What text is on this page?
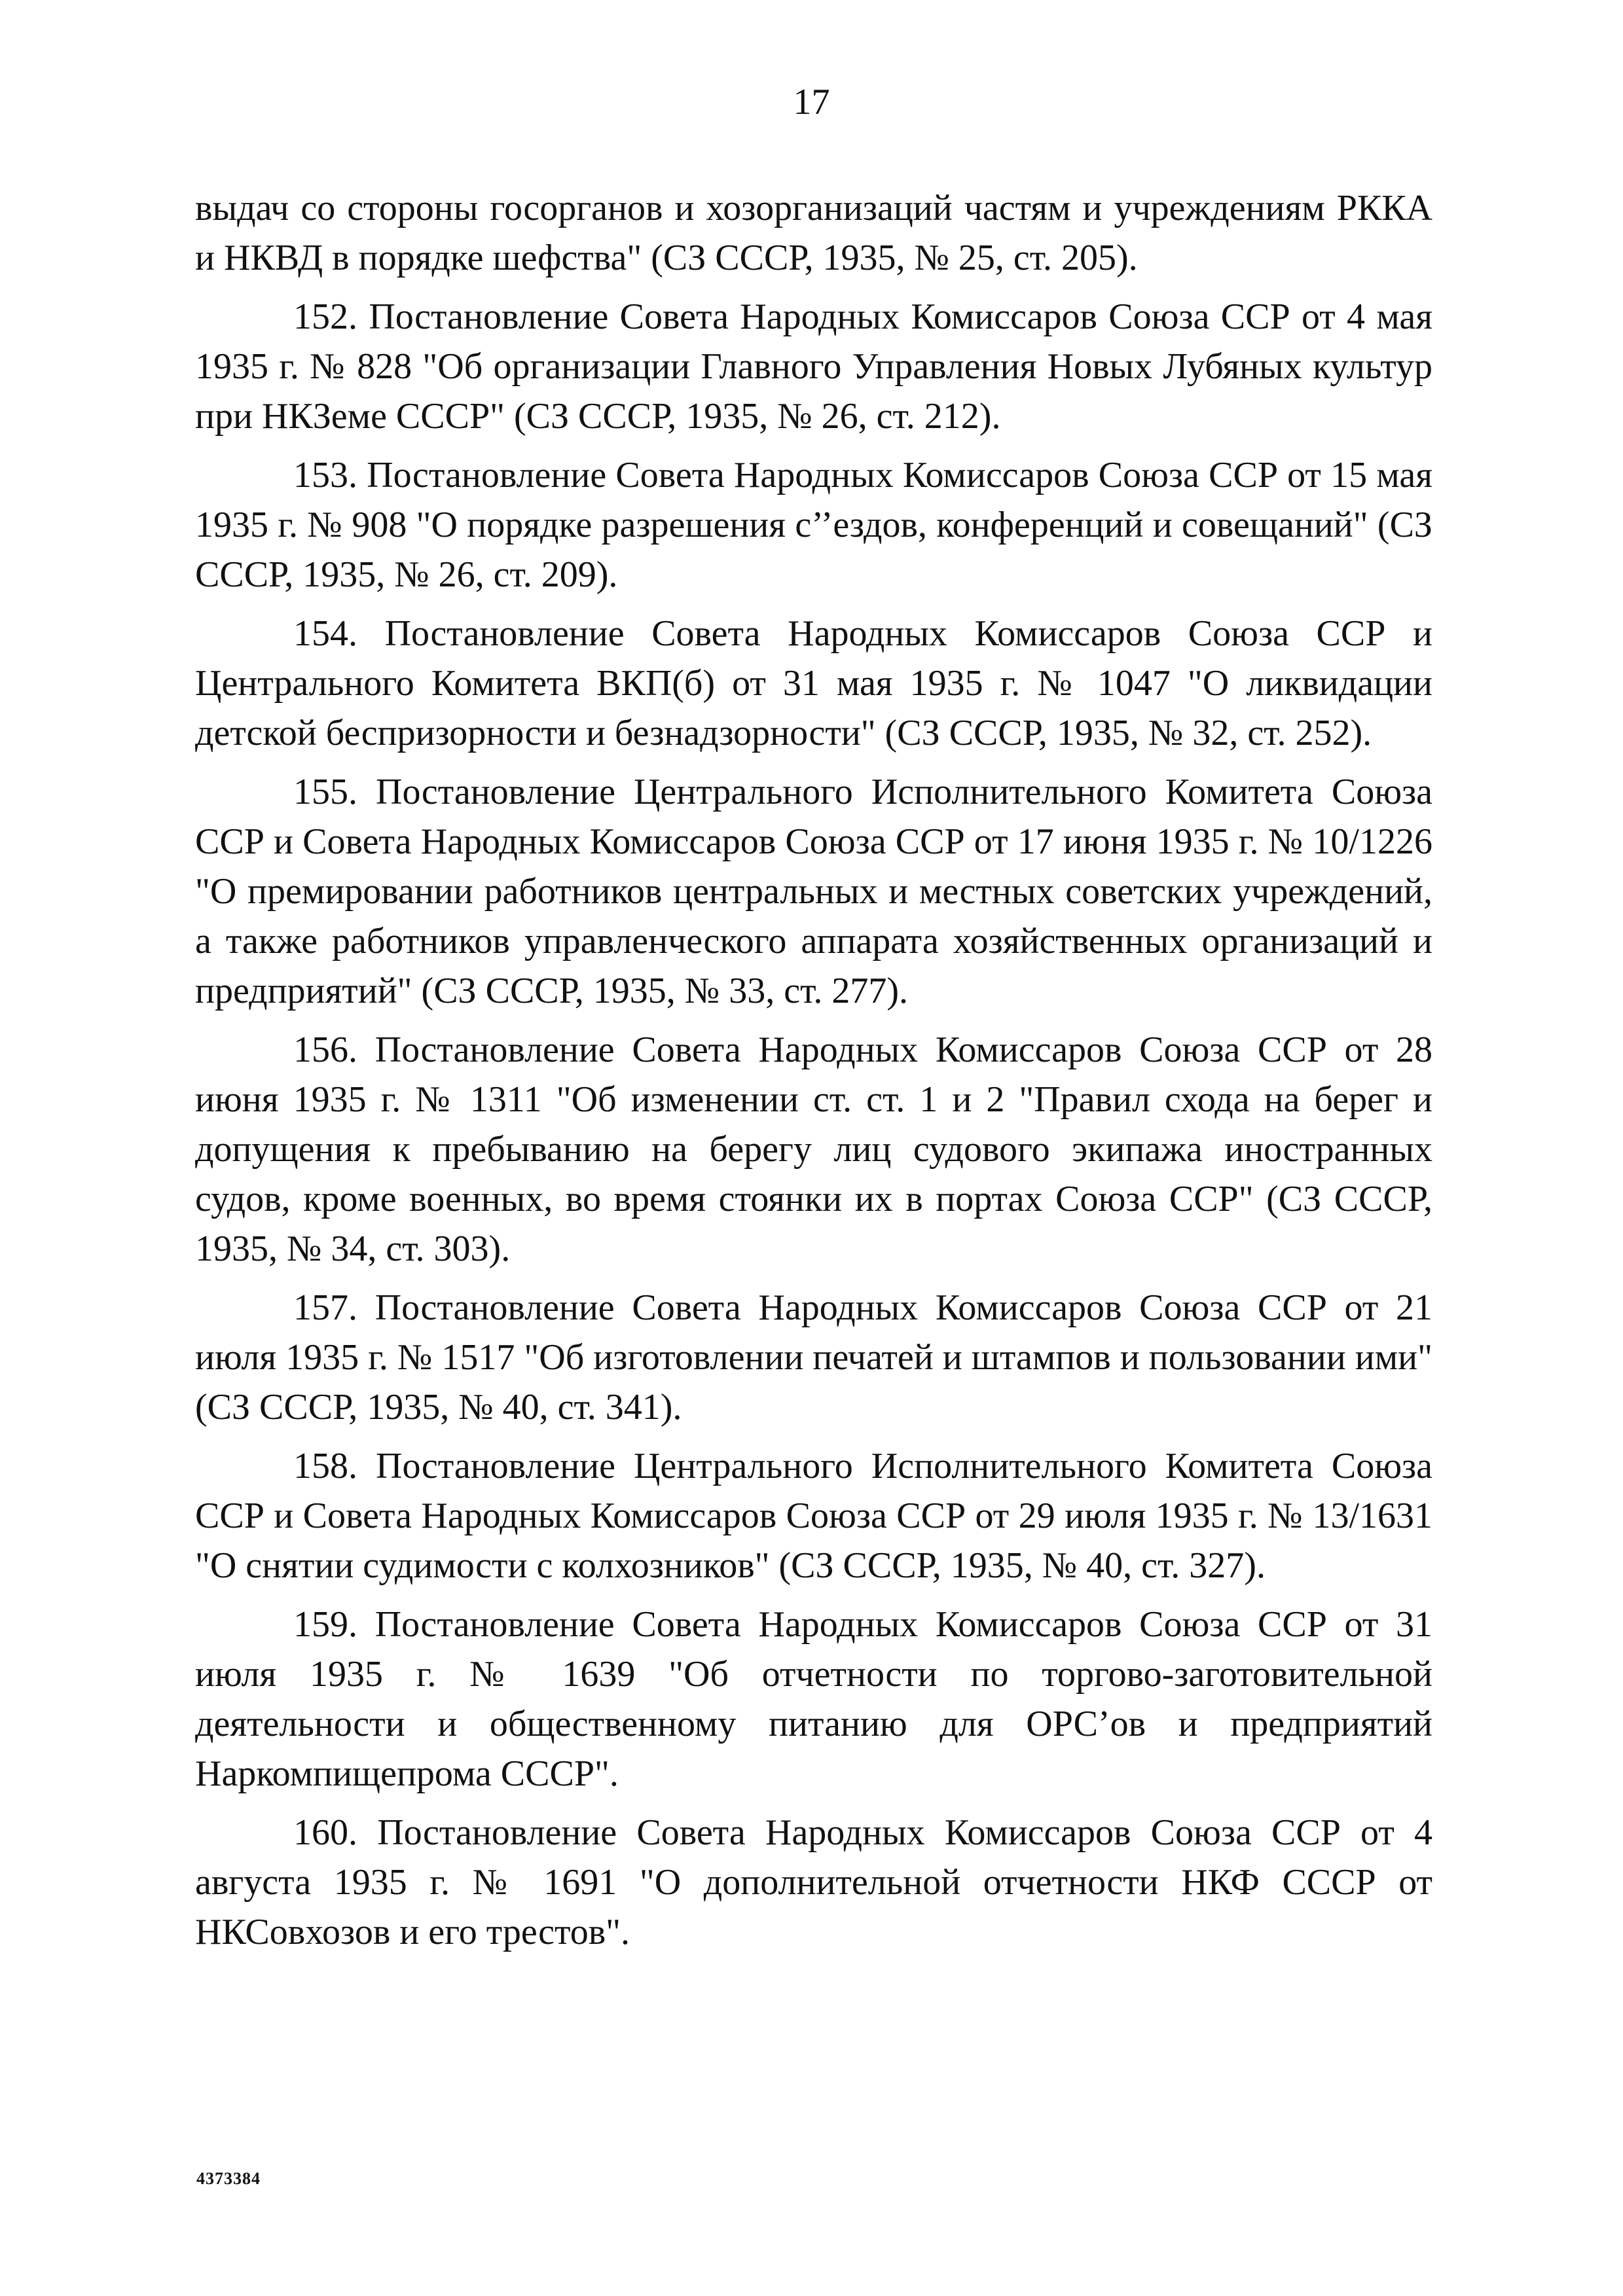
17

выдач со стороны госорганов и хозорганизаций частям и учреждениям РККА и НКВД в порядке шефства" (СЗ СССР, 1935, № 25, ст. 205).

152. Постановление Совета Народных Комиссаров Союза ССР от 4 мая 1935 г. № 828 "Об организации Главного Управления Новых Лубяных культур при НКЗеме СССР" (СЗ СССР, 1935, № 26, ст. 212).

153. Постановление Совета Народных Комиссаров Союза ССР от 15 мая 1935 г. № 908 "О порядке разрешения с’’ездов, конференций и совещаний" (СЗ СССР, 1935, № 26, ст. 209).

154. Постановление Совета Народных Комиссаров Союза ССР и Центрального Комитета ВКП(б) от 31 мая 1935 г. № 1047 "О ликвидации детской беспризорности и безнадзорности" (СЗ СССР, 1935, № 32, ст. 252).

155. Постановление Центрального Исполнительного Комитета Союза ССР и Совета Народных Комиссаров Союза ССР от 17 июня 1935 г. № 10/1226 "О премировании работников центральных и местных советских учреждений, а также работников управленческого аппарата хозяйственных организаций и предприятий" (СЗ СССР, 1935, № 33, ст. 277).

156. Постановление Совета Народных Комиссаров Союза ССР от 28 июня 1935 г. № 1311 "Об изменении ст. ст. 1 и 2 "Правил схода на берег и допущения к пребыванию на берегу лиц судового экипажа иностранных судов, кроме военных, во время стоянки их в портах Союза ССР" (СЗ СССР, 1935, № 34, ст. 303).

157. Постановление Совета Народных Комиссаров Союза ССР от 21 июля 1935 г. № 1517 "Об изготовлении печатей и штампов и пользовании ими" (СЗ СССР, 1935, № 40, ст. 341).

158. Постановление Центрального Исполнительного Комитета Союза ССР и Совета Народных Комиссаров Союза ССР от 29 июля 1935 г. № 13/1631 "О снятии судимости с колхозников" (СЗ СССР, 1935, № 40, ст. 327).

159. Постановление Совета Народных Комиссаров Союза ССР от 31 июля 1935 г. № 1639 "Об отчетности по торгово-заготовительной деятельности и общественному питанию для ОРС’ов и предприятий Наркомпищепрома СССР".

160. Постановление Совета Народных Комиссаров Союза ССР от 4 августа 1935 г. № 1691 "О дополнительной отчетности НКФ СССР от НКСовхозов и его трестов".

4373384
